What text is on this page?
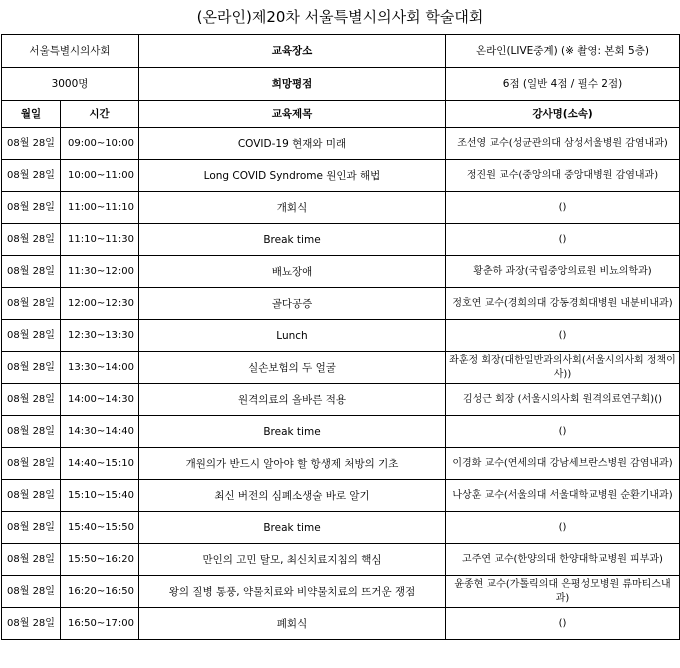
(온라인)제20차 서울특별시의사회 학술대회
서울특별시의사회		교육장소	온라인(LIVE중계) (※ 촬영: 본회 5층)
3000명		희망평점	6점 (일반 4점 / 필수 2점)
월일	시간	교육제목	강사명(소속)
08월 28일	09:00~10:00	COVID-19 현재와 미래	조선영 교수(성균관의대 삼성서울병원 감염내과)
08월 28일	10:00~11:00	Long COVID Syndrome 원인과 해법	정진원 교수(중앙의대 중앙대병원 감염내과)
08월 28일	11:00~11:10	개회식	()
08월 28일	11:10~11:30	Break time	()
08월 28일	11:30~12:00	배뇨장애	황춘하 과장(국립중앙의료원 비뇨의학과)
08월 28일	12:00~12:30	골다공증	정호연 교수(경희의대 강동경희대병원 내분비내과)
08월 28일	12:30~13:30	Lunch	()
08월 28일	13:30~14:00	실손보험의 두 얼굴	좌훈정 회장(대한일반과의사회(서울시의사회 정책이사))
08월 28일	14:00~14:30	원격의료의 올바른 적용	김성근 회장 (서울시의사회 원격의료연구회)()
08월 28일	14:30~14:40	Break time	()
08월 28일	14:40~15:10	개원의가 반드시 알아야 할 항생제 처방의 기초	이경화 교수(연세의대 강남세브란스병원 감염내과)
08월 28일	15:10~15:40	최신 버전의 심폐소생술 바로 알기	나상훈 교수(서울의대 서울대학교병원 순환기내과)
08월 28일	15:40~15:50	Break time	()
08월 28일	15:50~16:20	만인의 고민 탈모, 최신치료지침의 핵심	고주연 교수(한양의대 한양대학교병원 피부과)
08월 28일	16:20~16:50	왕의 질병 통풍, 약물치료와 비약물치료의 뜨거운 쟁점	윤종현 교수(가톨릭의대 은평성모병원 류마티스내과)
08월 28일	16:50~17:00	폐회식	()
